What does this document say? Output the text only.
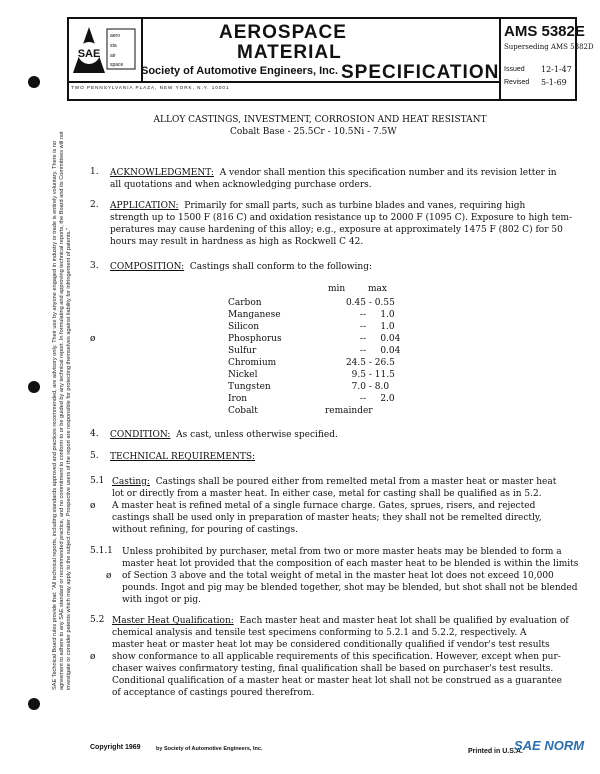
SAE Technical Board rules provide that: "All technical reports, including standards approved and practices recommended, are advisory only. Their use by anyone engaged in industry or trade is entirely voluntary. There is no agreement to adhere to any SAE standard or recommended practice, and no commitment to conform to or be guided by any technical report. In formulating and approving technical reports, the Board and its Committees will not investigate or consider patents which may apply to the subject matter. Prospective users of the report are responsible for protecting themselves against liability for infringement of patents."
SAE
aero
sta
air
space
AEROSPACE
MATERIAL
Society of Automotive Engineers, Inc. SPECIFICATION
TWO PENNSYLVANIA PLAZA, NEW YORK, N.Y. 10001
AMS 5382E
Superseding AMS 5382D
Issued 12-1-47
Revised 5-1-69
ALLOY CASTINGS, INVESTMENT, CORROSION AND HEAT RESISTANT
Cobalt Base - 25.5Cr - 10.5Ni - 7.5W
1. ACKNOWLEDGMENT: A vendor shall mention this specification number and its revision letter in
all quotations and when acknowledging purchase orders.
2. APPLICATION: Primarily for small parts, such as turbine blades and vanes, requiring high
strength up to 1500 F (816 C) and oxidation resistance up to 2000 F (1095 C). Exposure to high tem-
peratures may cause hardening of this alloy; e.g., exposure at approximately 1475 F (802 C) for 50
hours may result in hardness as high as Rockwell C 42.
3. COMPOSITION: Castings shall conform to the following:
min	max
Carbon	0.45 - 0.55
Manganese	-- 1.0
Silicon	-- 1.0
Phosphorus	-- 0.04
Sulfur	-- 0.04
Chromium	24.5 - 26.5
Nickel	9.5 - 11.5
Tungsten	7.0 - 8.0
Iron	-- 2.0
Cobalt	remainder
ø
4. CONDITION: As cast, unless otherwise specified.
5. TECHNICAL REQUIREMENTS:
5.1 Casting: Castings shall be poured either from remelted metal from a master heat or master heat
lot or directly from a master heat. In either case, metal for casting shall be qualified as in 5.2.
A master heat is refined metal of a single furnace charge. Gates, sprues, risers, and rejected
castings shall be used only in preparation of master heats; they shall not be remelted directly,
without refining, for pouring of castings.
ø
5.1.1 Unless prohibited by purchaser, metal from two or more master heats may be blended to form a
master heat lot provided that the composition of each master heat to be blended is within the limits
of Section 3 above and the total weight of metal in the master heat lot does not exceed 10,000
pounds. Ingot and pig may be blended together, shot may be blended, but shot shall not be blended
with ingot or pig.
ø
5.2 Master Heat Qualification: Each master heat and master heat lot shall be qualified by evaluation of
chemical analysis and tensile test specimens conforming to 5.2.1 and 5.2.2, respectively. A
master heat or master heat lot may be considered conditionally qualified if vendor's test results
show conformance to all applicable requirements of this specification. However, except when pur-
chaser waives confirmatory testing, final qualification shall be based on purchaser's test results.
Conditional qualification of a master heat or master heat lot shall not be construed as a guarantee
of acceptance of castings poured therefrom.
ø
Copyright 1969	by Society of Automotive Engineers, Inc.	Printed in U.S.A.
SAE NORM
